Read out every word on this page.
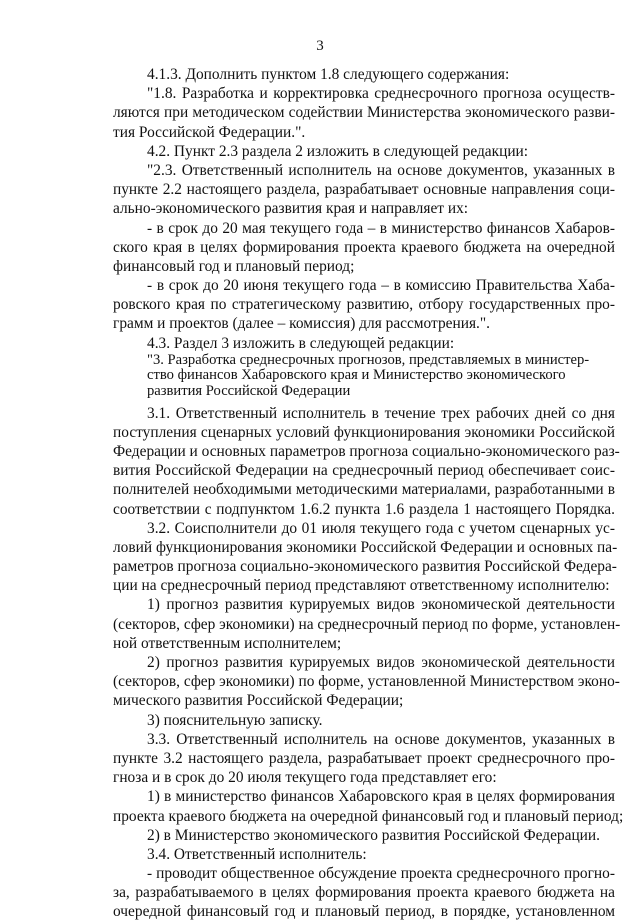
3
4.1.3. Дополнить пунктом 1.8 следующего содержания:
"1.8. Разработка и корректировка среднесрочного прогноза осуществ-
ляются при методическом содействии Министерства экономического разви-
тия Российской Федерации.".
4.2. Пункт 2.3 раздела 2 изложить в следующей редакции:
"2.3. Ответственный исполнитель на основе документов, указанных в
пункте 2.2 настоящего раздела, разрабатывает основные направления соци-
ально-экономического развития края и направляет их:
- в срок до 20 мая текущего года – в министерство финансов Хабаров-
ского края в целях формирования проекта краевого бюджета на очередной
финансовый год и плановый период;
- в срок до 20 июня текущего года – в комиссию Правительства Хаба-
ровского края по стратегическому развитию, отбору государственных про-
грамм и проектов (далее – комиссия) для рассмотрения.".
4.3. Раздел 3 изложить в следующей редакции:
"3. Разработка среднесрочных прогнозов, представляемых в министер-
ство финансов Хабаровского края и Министерство экономического
развития Российской Федерации
3.1. Ответственный исполнитель в течение трех рабочих дней со дня
поступления сценарных условий функционирования экономики Российской
Федерации и основных параметров прогноза социально-экономического раз-
вития Российской Федерации на среднесрочный период обеспечивает соис-
полнителей необходимыми методическими материалами, разработанными в
соответствии с подпунктом 1.6.2 пункта 1.6 раздела 1 настоящего Порядка.
3.2. Соисполнители до 01 июля текущего года с учетом сценарных ус-
ловий функционирования экономики Российской Федерации и основных па-
раметров прогноза социально-экономического развития Российской Федера-
ции на среднесрочный период представляют ответственному исполнителю:
1) прогноз развития курируемых видов экономической деятельности
(секторов, сфер экономики) на среднесрочный период по форме, установлен-
ной ответственным исполнителем;
2) прогноз развития курируемых видов экономической деятельности
(секторов, сфер экономики) по форме, установленной Министерством эконо-
мического развития Российской Федерации;
3) пояснительную записку.
3.3. Ответственный исполнитель на основе документов, указанных в
пункте 3.2 настоящего раздела, разрабатывает проект среднесрочного про-
гноза и в срок до 20 июля текущего года представляет его:
1) в министерство финансов Хабаровского края в целях формирования
проекта краевого бюджета на очередной финансовый год и плановый период;
2) в Министерство экономического развития Российской Федерации.
3.4. Ответственный исполнитель:
- проводит общественное обсуждение проекта среднесрочного прогно-
за, разрабатываемого в целях формирования проекта краевого бюджета на
очередной финансовый год и плановый период, в порядке, установленном
